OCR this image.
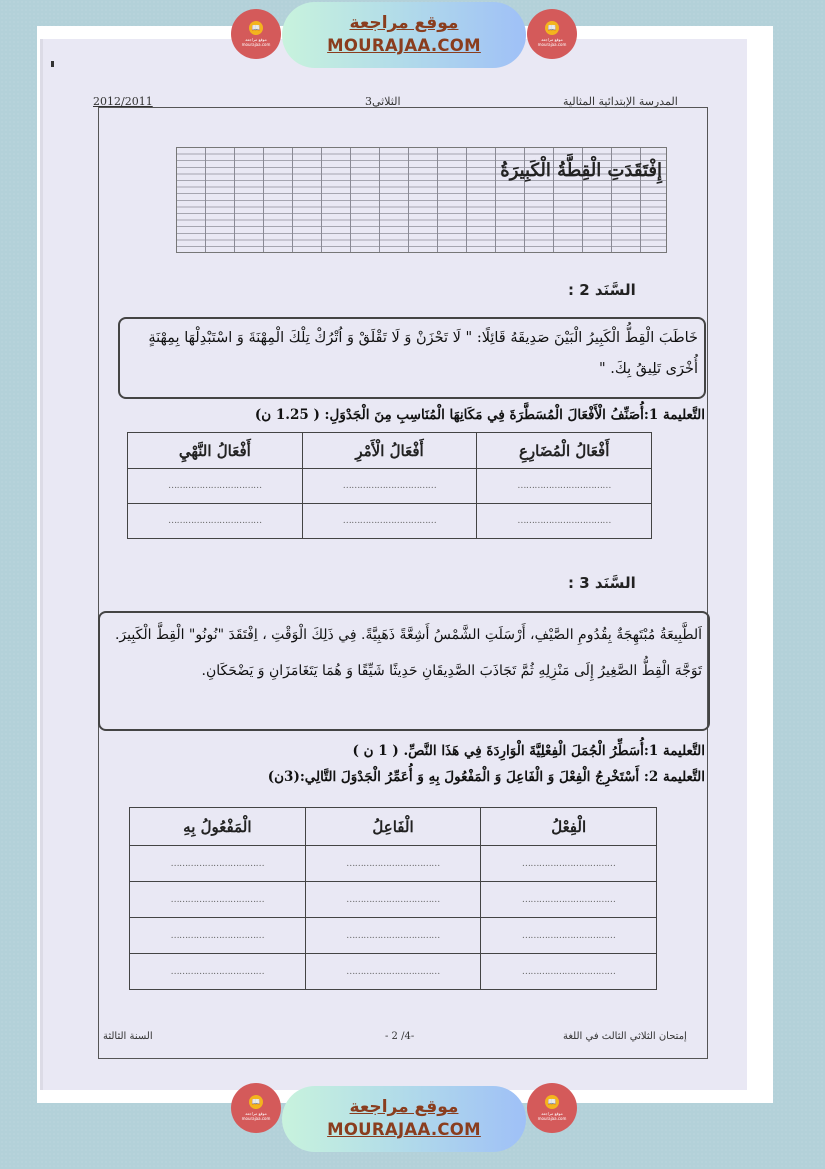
📖
موقع مراجعة
mourajaa.com
موقع مراجعة
MOURAJAA.COM
📖
موقع مراجعة
mourajaa.com
2012/2011	الثلاثي3	المدرسة الإبتدائية المثالية
إِفْتَقَدَتِ الْقِطَّةُ الْكَبِيرَةُ
السَّنَد 2 :
خَاطَبَ الْقِطُّ الْكَبِيرُ الْبَيْنَ صَدِيقَهُ قَائِلًا: " لَا تَحْزَنْ وَ لَا تَقْلَقْ وَ اُتْرُكْ تِلْكَ الْمِهْنَةَ وَ اسْتَبْدِلْهَا بِمِهْنَةٍ أُخْرَى تَلِيقُ بِكَ. "
التَّعليمة 1:أُصَنِّفُ الْأَفْعَالَ الْمُسَطَّرَةَ فِي مَكَانِهَا الْمُنَاسِبِ مِنَ الْجَدْوَلِ: ( 1.25 ن)
أَفْعَالُ الْمُضَارِعِ	أَفْعَالُ الْأَمْرِ	أَفْعَالُ النَّهْيِ
……………………………	……………………………	……………………………
……………………………	……………………………	……………………………
السَّنَد 3 :
اَلطَّبِيعَةُ مُبْتَهِجَةٌ بِقُدُومِ الصَّيْفِ، أَرْسَلَتِ الشَّمْسُ أَشِعَّةً ذَهَبِيَّةً. فِي ذَلِكَ الْوَقْتِ ، اِفْتَقَدَ "نُونُو" الْقِطَّ الْكَبِيرَ. تَوَجَّهَ الْقِطُّ الصَّغِيرُ إِلَى مَنْزِلِهِ ثُمَّ تَجَاذَبَ الصَّدِيقَانِ حَدِيثًا شَيِّقًا وَ هُمَا يَتَغَامَزَانِ وَ يَضْحَكَانِ.
التَّعليمة 1:أُسَطِّرُ الْجُمَلَ الْفِعْلِيَّةَ الْوَارِدَةَ فِي هَذَا النَّصِّ. ( 1 ن )
التَّعليمة 2: أَسْتَخْرِجُ الْفِعْلَ وَ الْفَاعِلَ وَ الْمَفْعُولَ بِهِ وَ أُعَمِّرُ الْجَدْوَلَ التَّالِي:(3ن)
الْفِعْلُ	الْفَاعِلُ	الْمَفْعُولُ بِهِ
……………………………	……………………………	……………………………
……………………………	……………………………	……………………………
……………………………	……………………………	……………………………
……………………………	……………………………	……………………………
السنة الثالثة	- 2 /4-	إمتحان الثلاثي الثالث في اللغة
📖
موقع مراجعة
mourajaa.com
موقع مراجعة
MOURAJAA.COM
📖
موقع مراجعة
mourajaa.com
